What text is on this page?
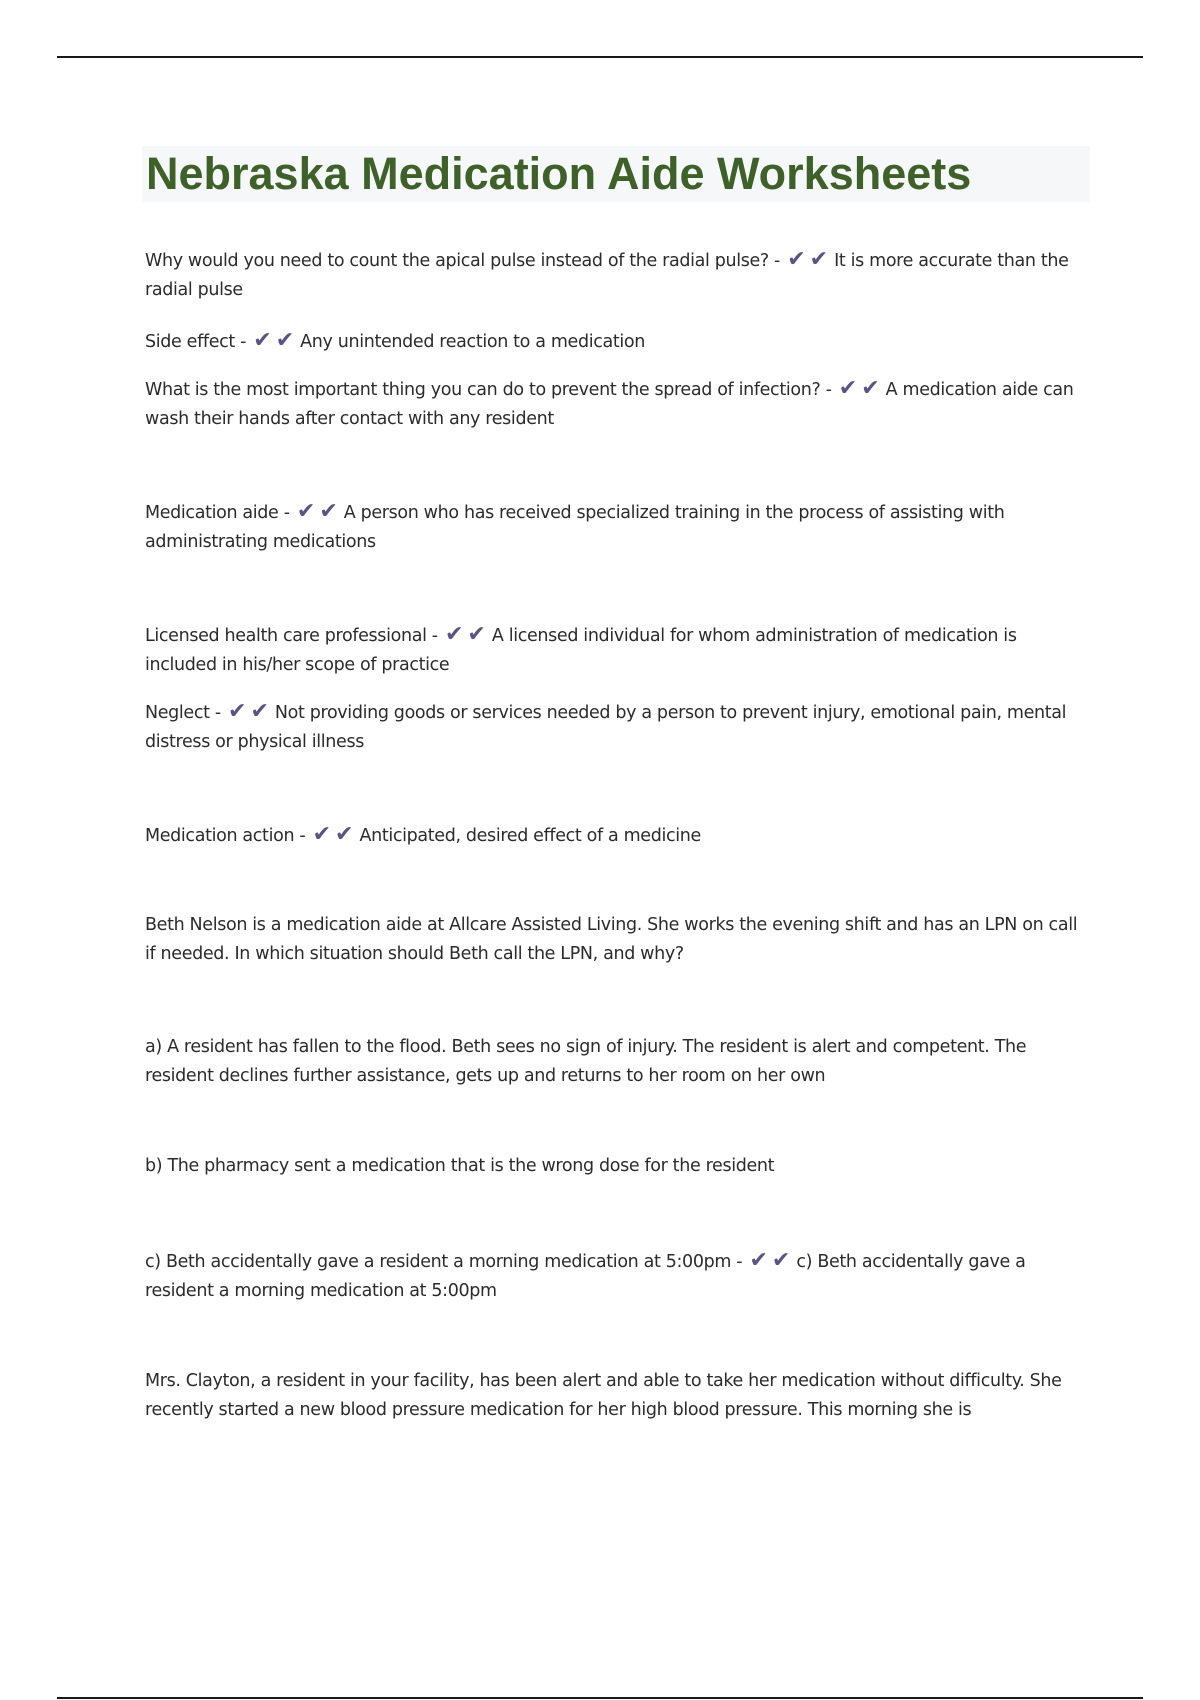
Nebraska Medication Aide Worksheets

Why would you need to count the apical pulse instead of the radial pulse? - ✔✔ It is more accurate than the radial pulse

Side effect - ✔✔ Any unintended reaction to a medication

What is the most important thing you can do to prevent the spread of infection? - ✔✔ A medication aide can wash their hands after contact with any resident

Medication aide - ✔✔ A person who has received specialized training in the process of assisting with administrating medications

Licensed health care professional - ✔✔ A licensed individual for whom administration of medication is included in his/her scope of practice

Neglect - ✔✔ Not providing goods or services needed by a person to prevent injury, emotional pain, mental distress or physical illness

Medication action - ✔✔ Anticipated, desired effect of a medicine

Beth Nelson is a medication aide at Allcare Assisted Living. She works the evening shift and has an LPN on call if needed. In which situation should Beth call the LPN, and why?

a) A resident has fallen to the flood. Beth sees no sign of injury. The resident is alert and competent. The resident declines further assistance, gets up and returns to her room on her own

b) The pharmacy sent a medication that is the wrong dose for the resident

c) Beth accidentally gave a resident a morning medication at 5:00pm - ✔✔ c) Beth accidentally gave a resident a morning medication at 5:00pm

Mrs. Clayton, a resident in your facility, has been alert and able to take her medication without difficulty. She recently started a new blood pressure medication for her high blood pressure. This morning she is
